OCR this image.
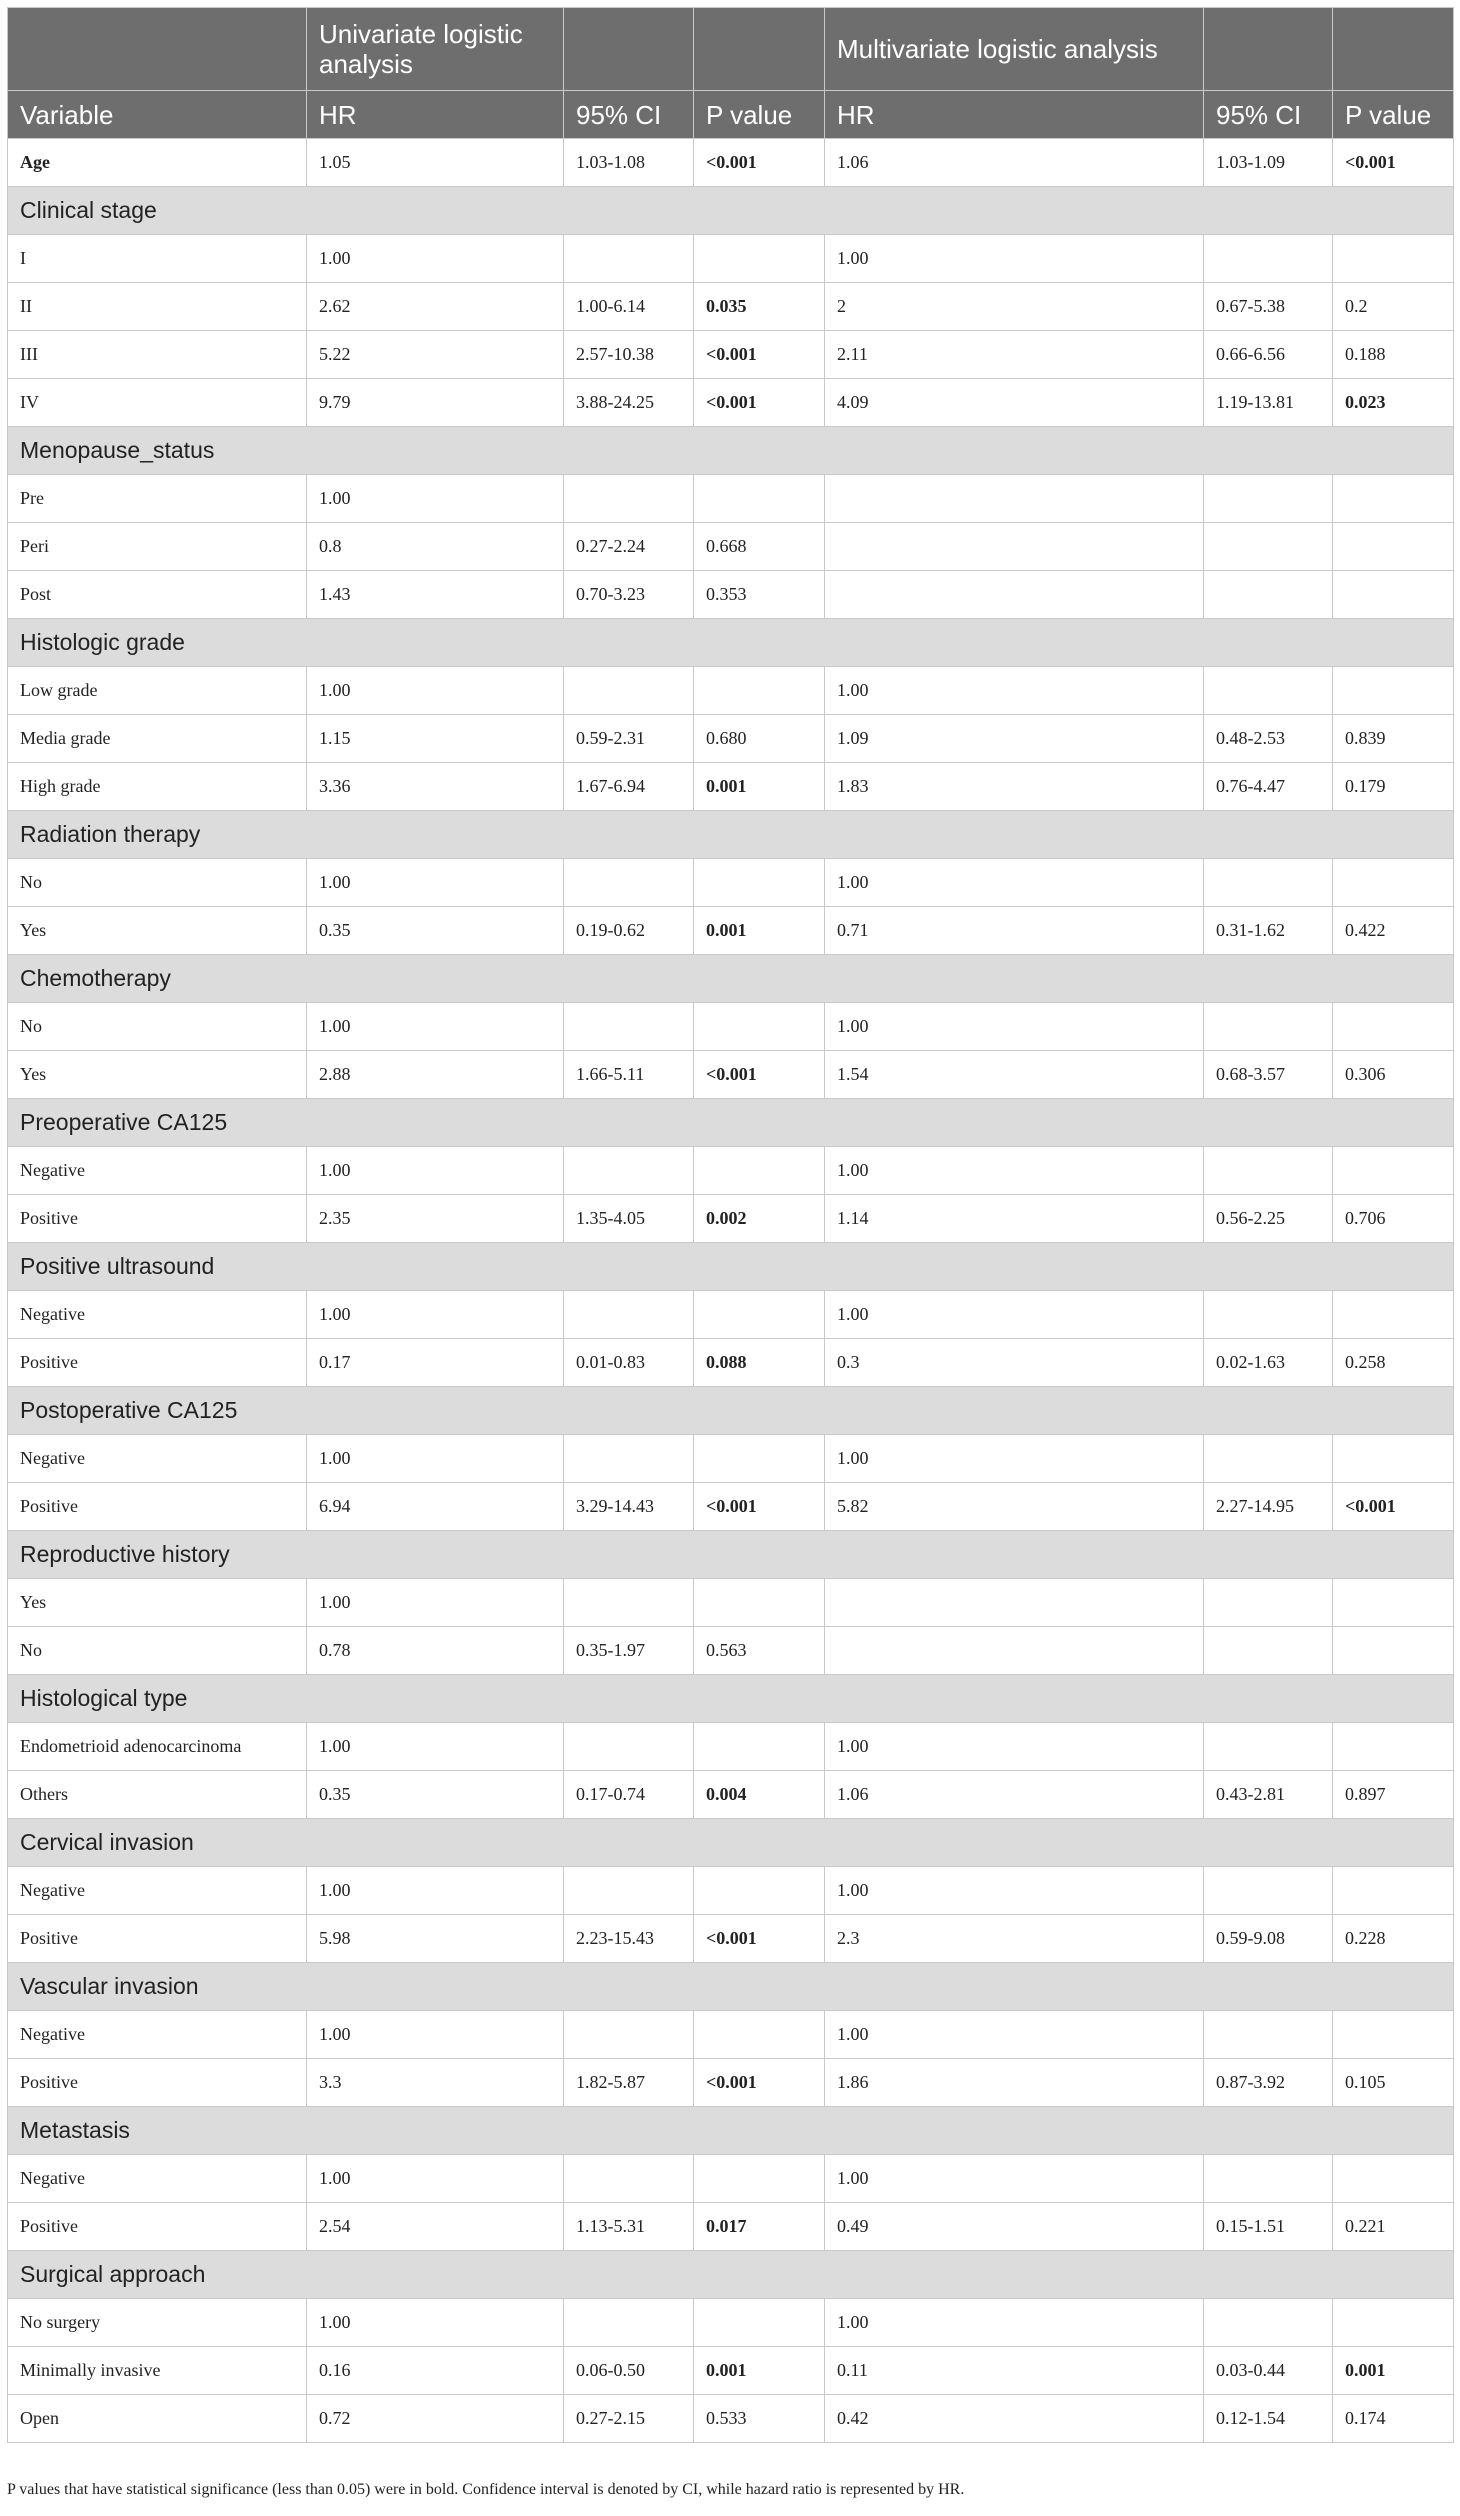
	Univariate logistic analysis			Multivariate logistic analysis		
Variable	HR	95% CI	P value	HR	95% CI	P value
Age	1.05	1.03-1.08	<0.001	1.06	1.03-1.09	<0.001
Clinical stage						
I	1.00			1.00		
II	2.62	1.00-6.14	0.035	2	0.67-5.38	0.2
III	5.22	2.57-10.38	<0.001	2.11	0.66-6.56	0.188
IV	9.79	3.88-24.25	<0.001	4.09	1.19-13.81	0.023
Menopause_status						
Pre	1.00					
Peri	0.8	0.27-2.24	0.668			
Post	1.43	0.70-3.23	0.353			
Histologic grade						
Low grade	1.00			1.00		
Media grade	1.15	0.59-2.31	0.680	1.09	0.48-2.53	0.839
High grade	3.36	1.67-6.94	0.001	1.83	0.76-4.47	0.179
Radiation therapy						
No	1.00			1.00		
Yes	0.35	0.19-0.62	0.001	0.71	0.31-1.62	0.422
Chemotherapy						
No	1.00			1.00		
Yes	2.88	1.66-5.11	<0.001	1.54	0.68-3.57	0.306
Preoperative CA125						
Negative	1.00			1.00		
Positive	2.35	1.35-4.05	0.002	1.14	0.56-2.25	0.706
Positive ultrasound						
Negative	1.00			1.00		
Positive	0.17	0.01-0.83	0.088	0.3	0.02-1.63	0.258
Postoperative CA125						
Negative	1.00			1.00		
Positive	6.94	3.29-14.43	<0.001	5.82	2.27-14.95	<0.001
Reproductive history						
Yes	1.00					
No	0.78	0.35-1.97	0.563			
Histological type						
Endometrioid adenocarcinoma	1.00			1.00		
Others	0.35	0.17-0.74	0.004	1.06	0.43-2.81	0.897
Cervical invasion						
Negative	1.00			1.00		
Positive	5.98	2.23-15.43	<0.001	2.3	0.59-9.08	0.228
Vascular invasion						
Negative	1.00			1.00		
Positive	3.3	1.82-5.87	<0.001	1.86	0.87-3.92	0.105
Metastasis						
Negative	1.00			1.00		
Positive	2.54	1.13-5.31	0.017	0.49	0.15-1.51	0.221
Surgical approach						
No surgery	1.00			1.00		
Minimally invasive	0.16	0.06-0.50	0.001	0.11	0.03-0.44	0.001
Open	0.72	0.27-2.15	0.533	0.42	0.12-1.54	0.174
P values that have statistical significance (less than 0.05) were in bold. Confidence interval is denoted by CI, while hazard ratio is represented by HR.
